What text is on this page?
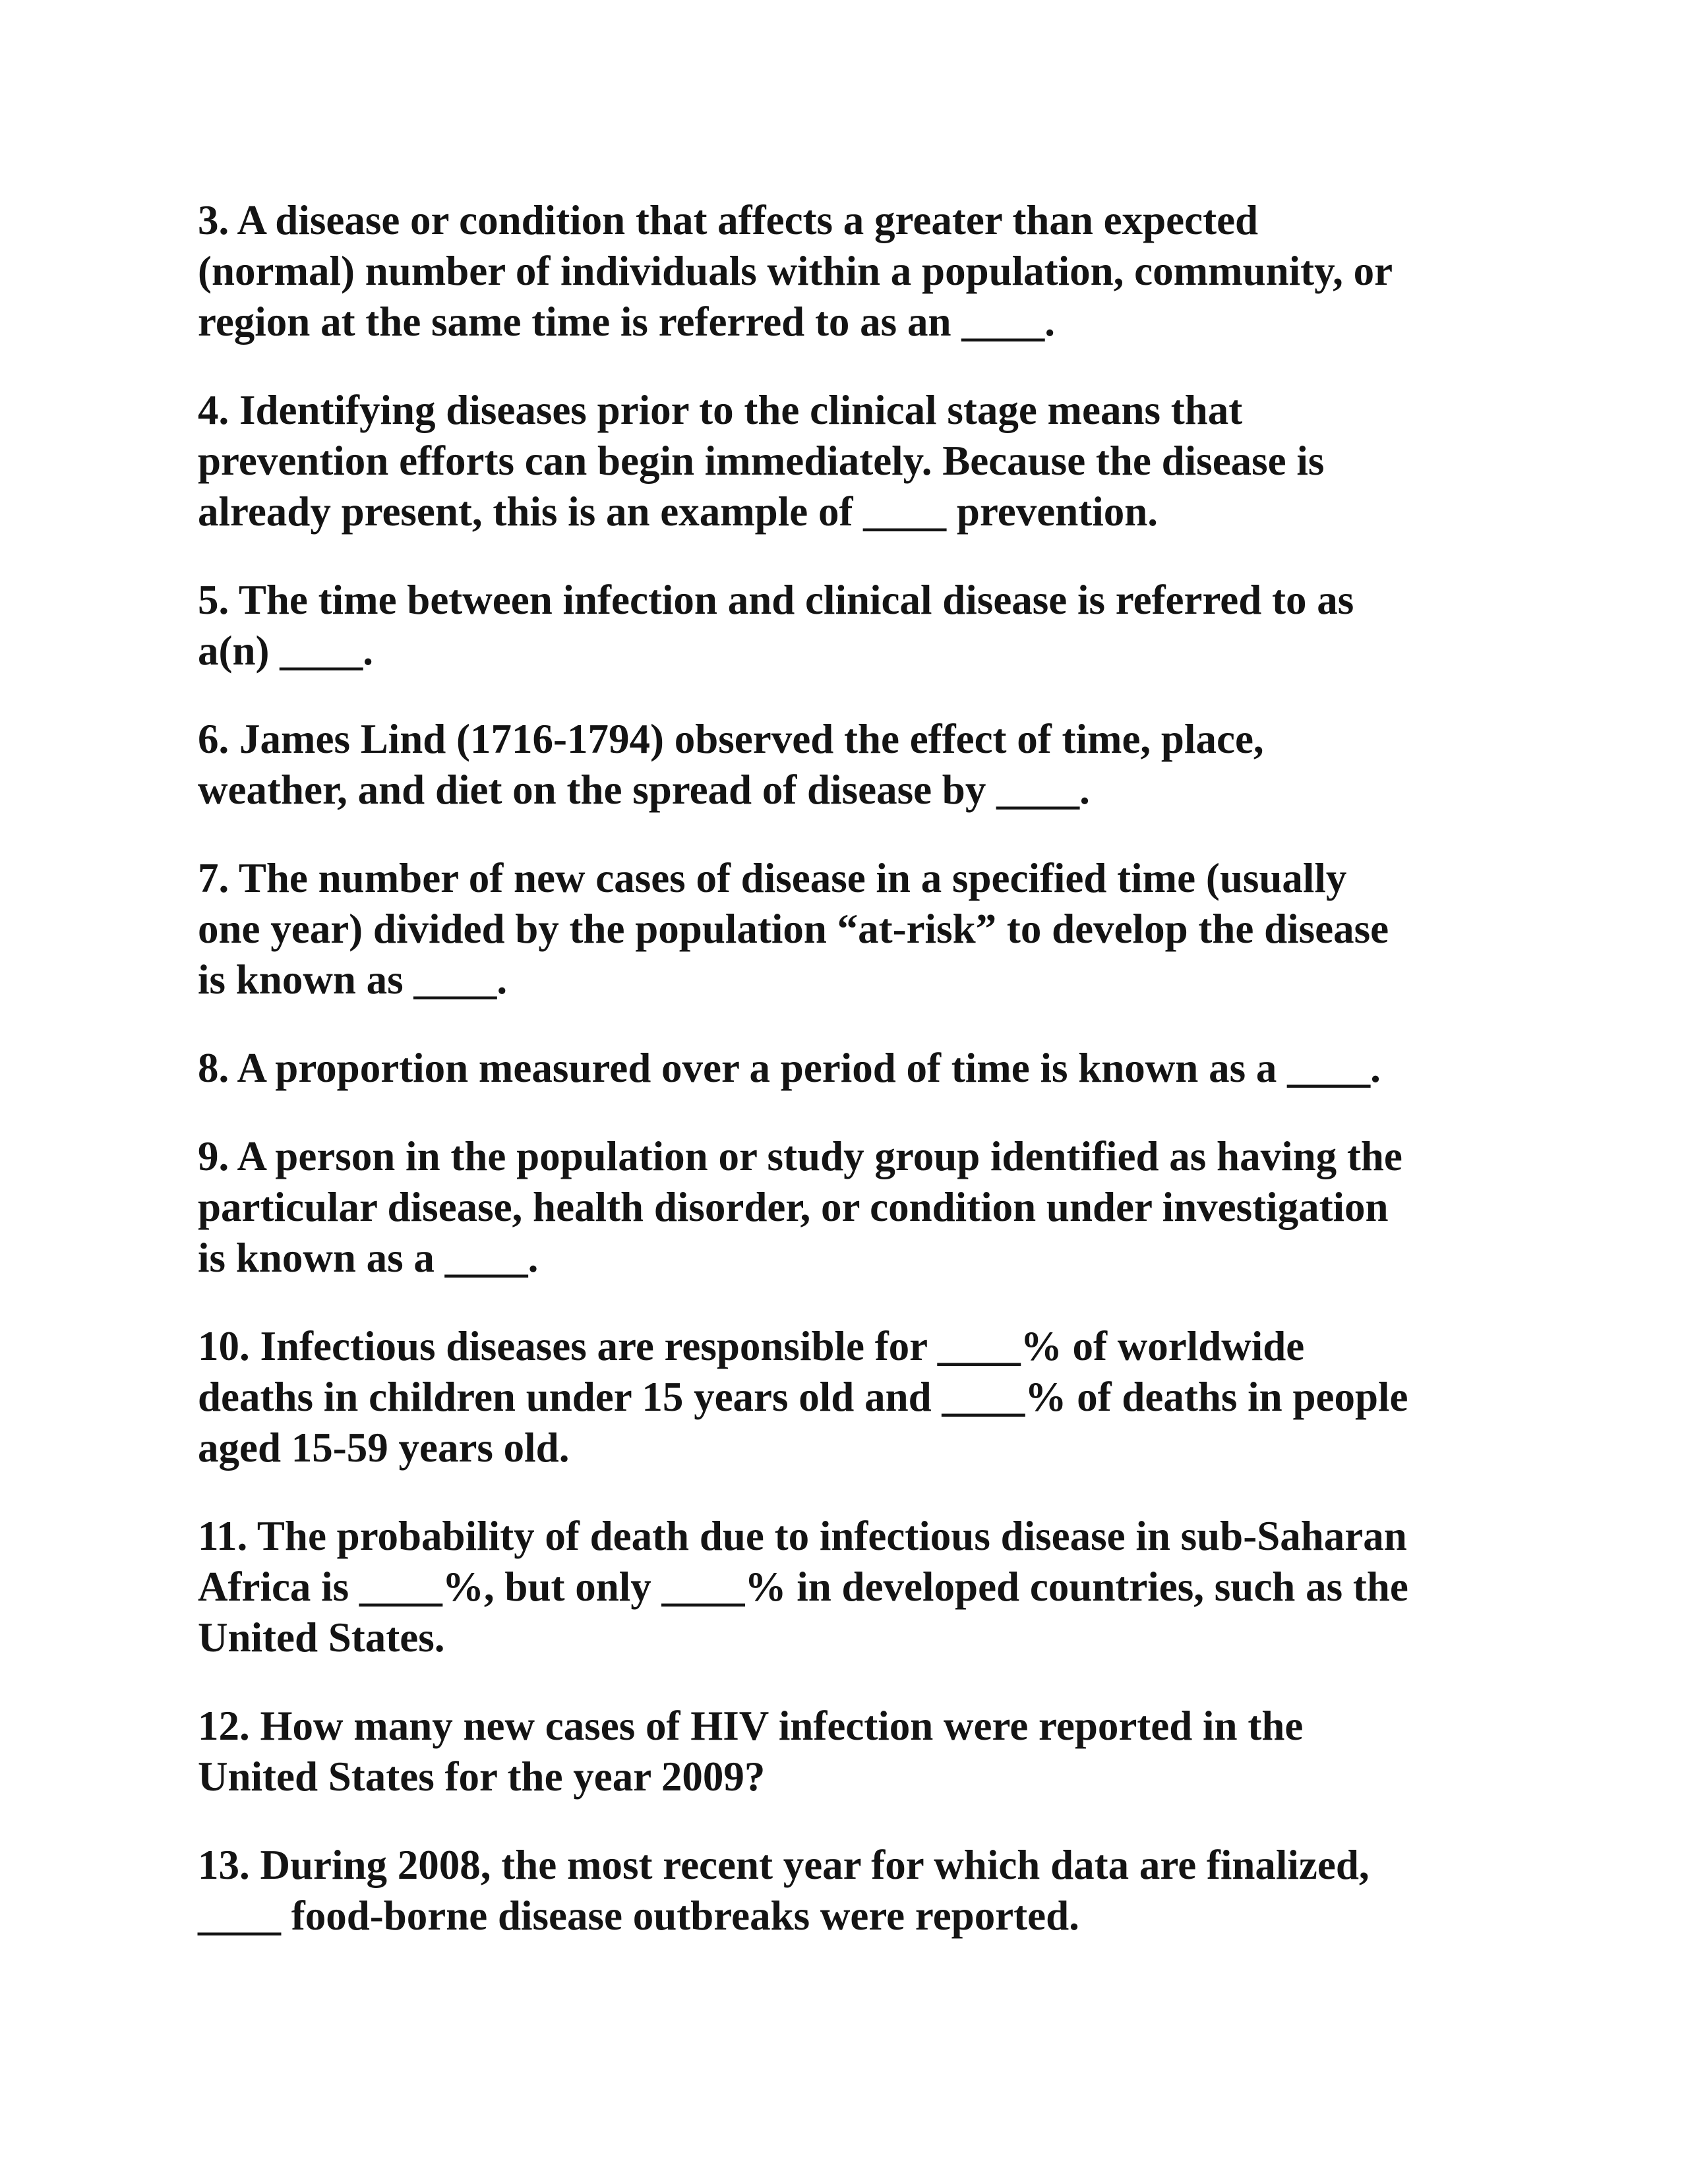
3. A disease or condition that affects a greater than expected
(normal) number of individuals within a population, community, or
region at the same time is referred to as an ____.

4. Identifying diseases prior to the clinical stage means that
prevention efforts can begin immediately. Because the disease is
already present, this is an example of ____ prevention.

5. The time between infection and clinical disease is referred to as
a(n) ____.

6. James Lind (1716-1794) observed the effect of time, place,
weather, and diet on the spread of disease by ____.

7. The number of new cases of disease in a specified time (usually
one year) divided by the population “at-risk” to develop the disease
is known as ____.

8. A proportion measured over a period of time is known as a ____.

9. A person in the population or study group identified as having the
particular disease, health disorder, or condition under investigation
is known as a ____.

10. Infectious diseases are responsible for ____% of worldwide
deaths in children under 15 years old and ____% of deaths in people
aged 15-59 years old.

11. The probability of death due to infectious disease in sub-Saharan
Africa is ____%, but only ____% in developed countries, such as the
United States.

12. How many new cases of HIV infection were reported in the
United States for the year 2009?

13. During 2008, the most recent year for which data are finalized,
____ food-borne disease outbreaks were reported.
